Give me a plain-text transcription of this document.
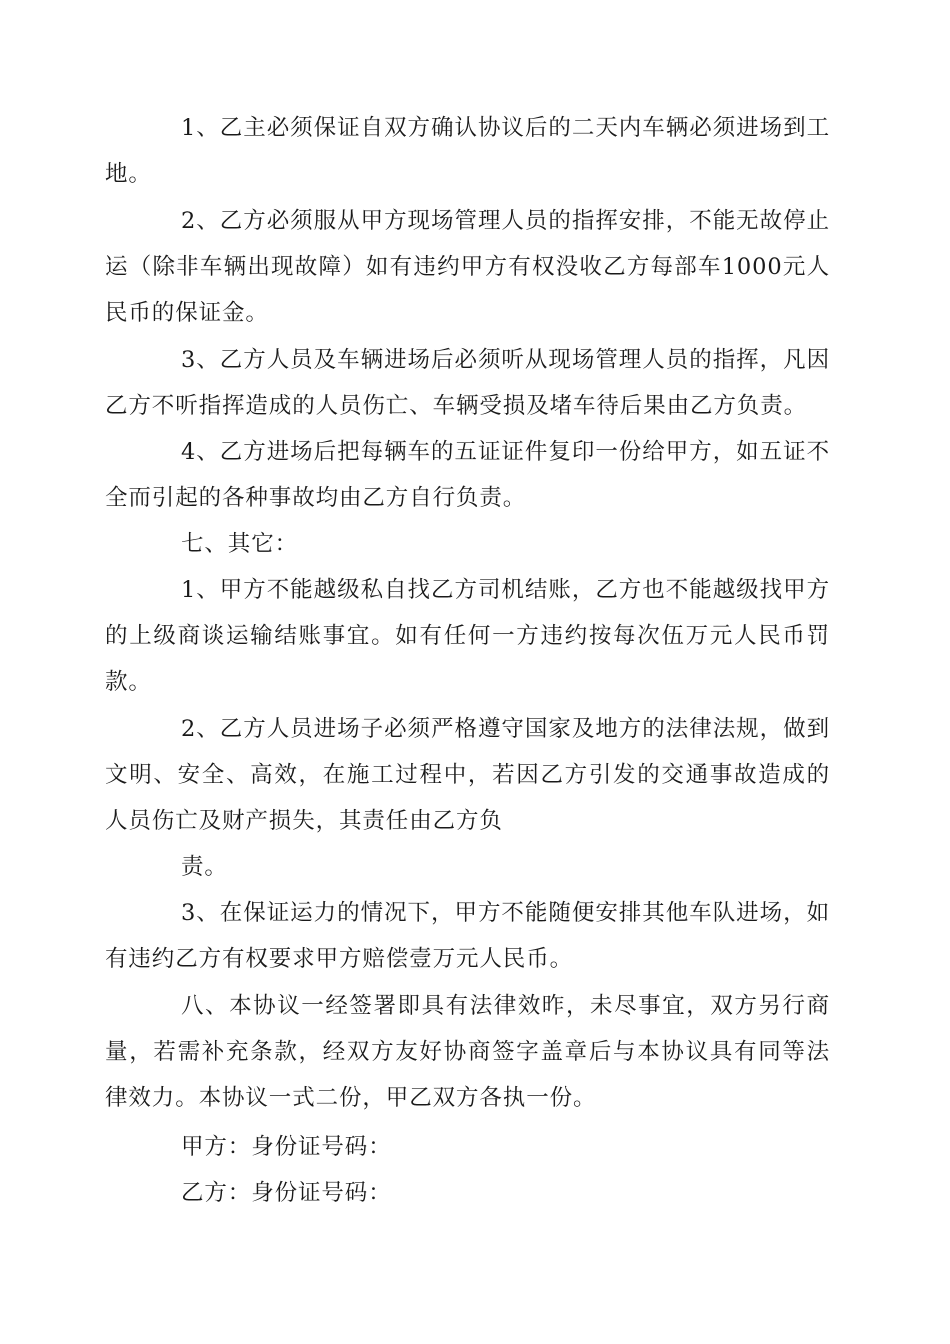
1、乙主必须保证自双方确认协议后的二天内车辆必须进场到工地。

2、乙方必须服从甲方现场管理人员的指挥安排，不能无故停止运（除非车辆出现故障）如有违约甲方有权没收乙方每部车1000元人民币的保证金。

3、乙方人员及车辆进场后必须听从现场管理人员的指挥，凡因乙方不听指挥造成的人员伤亡、车辆受损及堵车待后果由乙方负责。

4、乙方进场后把每辆车的五证证件复印一份给甲方，如五证不全而引起的各种事故均由乙方自行负责。

七、其它：

1、甲方不能越级私自找乙方司机结账，乙方也不能越级找甲方的上级商谈运输结账事宜。如有任何一方违约按每次伍万元人民币罚款。

2、乙方人员进场子必须严格遵守国家及地方的法律法规，做到文明、安全、高效，在施工过程中，若因乙方引发的交通事故造成的人员伤亡及财产损失，其责任由乙方负

责。

3、在保证运力的情况下，甲方不能随便安排其他车队进场，如有违约乙方有权要求甲方赔偿壹万元人民币。

八、本协议一经签署即具有法律效昨，未尽事宜，双方另行商量，若需补充条款，经双方友好协商签字盖章后与本协议具有同等法律效力。本协议一式二份，甲乙双方各执一份。

甲方：身份证号码：

乙方：身份证号码：
